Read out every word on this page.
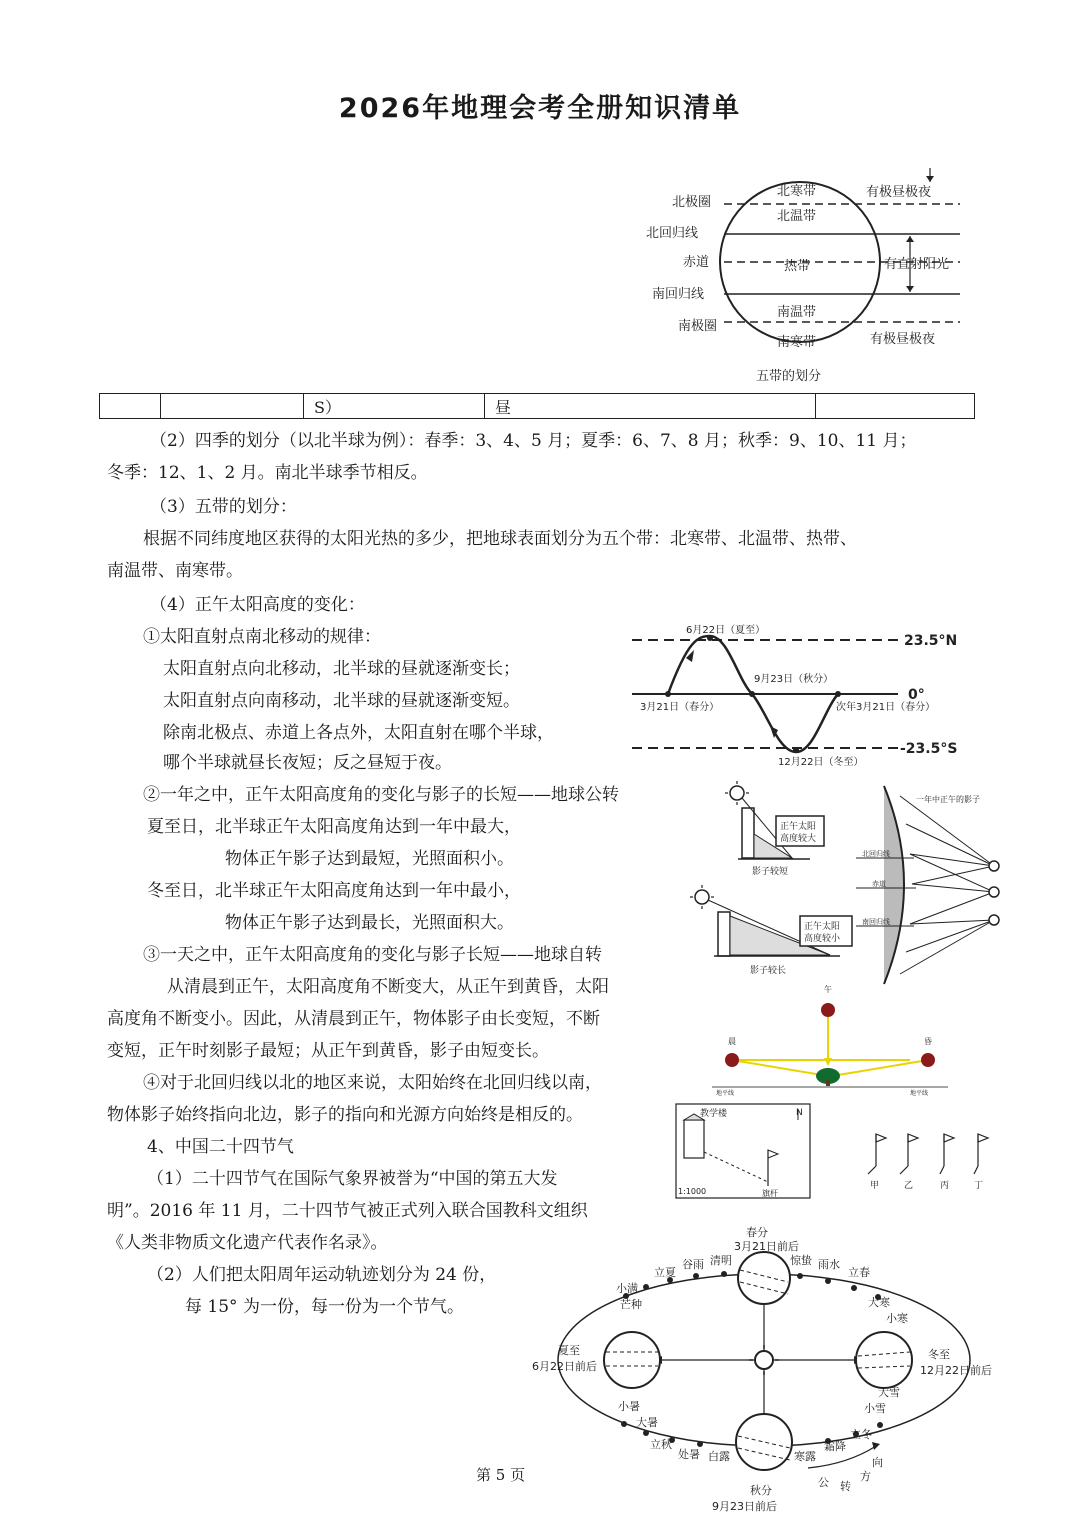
2026年地理会考全册知识清单
北极圈
北回归线
赤道
南回归线
南极圈
北寒带
北温带
热带
南温带
南寒带
有极昼极夜
有直射阳光
有极昼极夜
五带的划分
		S）	昼	
（2）四季的划分（以北半球为例）：春季：3、4、5 月；夏季：6、7、8 月；秋季：9、10、11 月；
冬季：12、1、2 月。南北半球季节相反。
（3）五带的划分：
根据不同纬度地区获得的太阳光热的多少，把地球表面划分为五个带：北寒带、北温带、热带、
南温带、南寒带。
（4）正午太阳高度的变化：
①太阳直射点南北移动的规律：
太阳直射点向北移动，北半球的昼就逐渐变长；
太阳直射点向南移动，北半球的昼就逐渐变短。
除南北极点、赤道上各点外，太阳直射在哪个半球，
哪个半球就昼长夜短；反之昼短于夜。
②一年之中，正午太阳高度角的变化与影子的长短——地球公转
夏至日，北半球正午太阳高度角达到一年中最大，
物体正午影子达到最短，光照面积小。
冬至日，北半球正午太阳高度角达到一年中最小，
物体正午影子达到最长，光照面积大。
③一天之中，正午太阳高度角的变化与影子长短——地球自转
从清晨到正午，太阳高度角不断变大，从正午到黄昏，太阳
高度角不断变小。因此，从清晨到正午，物体影子由长变短，不断
变短，正午时刻影子最短；从正午到黄昏，影子由短变长。
④对于北回归线以北的地区来说，太阳始终在北回归线以南，
物体影子始终指向北边，影子的指向和光源方向始终是相反的。
4、中国二十四节气
（1）二十四节气在国际气象界被誉为“中国的第五大发
明”。2016 年 11 月，二十四节气被正式列入联合国教科文组织
《人类非物质文化遗产代表作名录》。
（2）人们把太阳周年运动轨迹划分为 24 份，
每 15° 为一份，每一份为一个节气。
23.5°N
0°
-23.5°S
6月22日（夏至）
9月23日（秋分）
3月21日（春分）	次年3月21日（春分）
12月22日（冬至）
正午太阳
高度较大
影子较短
正午太阳
高度较小
影子较长
一年中正午的影子
北回归线
赤道
南回归线
午
晨	昏
地平线	地平线
教学楼	N
1:1000	旗杆
甲	乙	丙	丁
春分
3月21日前后
夏至
6月22日前后
冬至
12月22日前后
秋分
9月23日前后
立夏
谷雨 清明	惊蛰 雨水
立春
大寒
小寒
小满
芒种
小暑
大暑
立秋
处暑 白露	寒露
霜降
立冬
大雪
小雪
公 转
方
向
第 5 页
